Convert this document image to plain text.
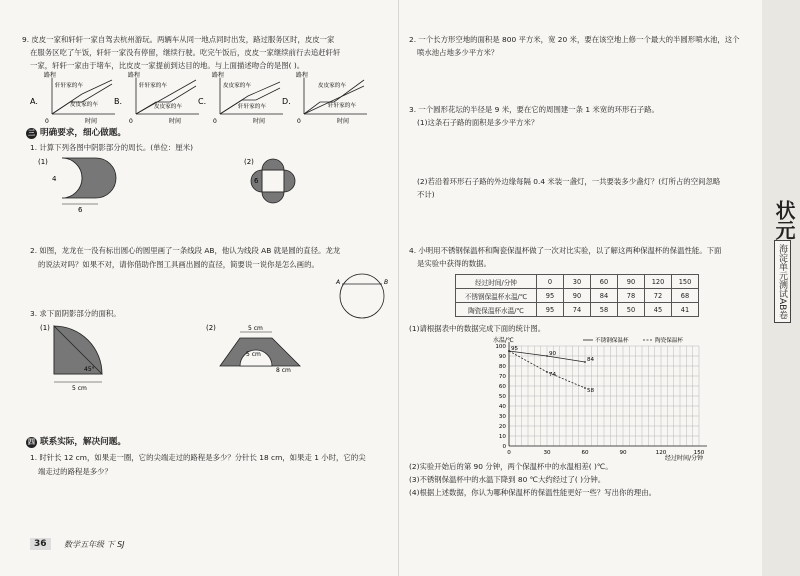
9. 皮皮一家和轩轩一家自驾去杭州游玩。两辆车从同一地点同时出发，路过服务区时，皮皮一家
在服务区吃了午饭，轩轩一家没有停留，继续行驶。吃完午饭后，皮皮一家继续前行去追赶轩轩
一家，轩轩一家由于堵车，比皮皮一家提前到达目的地。与上面描述吻合的是图( )。
A.
路程
轩轩家的车
皮皮家的车
0	时间
B.
路程
轩轩家的车
皮皮家的车
0	时间
C.
路程
皮皮家的车
轩轩家的车
0	时间
D.
路程
皮皮家的车
轩轩家的车
0	时间
三 明确要求，细心做题。
1. 计算下列各图中阴影部分的周长。(单位：厘米)
(1)
4
6
(2)
6
2. 如图，龙龙在一没有标出圆心的圆里画了一条线段 AB，他认为线段 AB 就是圆的直径。龙龙
的说法对吗？如果不对，请你借助作图工具画出圆的直径，简要说一说你是怎么画的。
A	B
3. 求下面阴影部分的面积。
(1)
45°
5 cm
(2)	5 cm
5 cm
8 cm
四 联系实际，解决问题。
1. 时针长 12 cm，如果走一圈，它的尖端走过的路程是多少？分针长 18 cm，如果走 1 小时，它的尖
端走过的路程是多少？
36	数学五年级 下 SJ
2. 一个长方形空地的面积是 800 平方米，宽 20 米，要在该空地上修一个最大的半圆形喷水池，这个
喷水池占地多少平方米？
3. 一个圆形花坛的半径是 9 米，要在它的周围建一条 1 米宽的环形石子路。
(1)这条石子路的面积是多少平方米？
(2)若沿着环形石子路的外边缘每隔 0.4 米装一盏灯，一共要装多少盏灯？(灯所占的空间忽略
不计)
4. 小明用不锈钢保温杯和陶瓷保温杯做了一次对比实验，以了解这两种保温杯的保温性能。下面
是实验中获得的数据。
经过时间/分钟	0	30	60	90	120	150
不锈钢保温杯水温/℃	95	90	84	78	72	68
陶瓷保温杯水温/℃	95	74	58	50	45	41
(1)请根据表中的数据完成下面的统计图。
0
10
20
30
40
50
60
70
80
90
100
0	30	60	90	120	150
95
90
84
74
58
水温/℃
经过时间/分钟
不锈钢保温杯	陶瓷保温杯
(2)实验开始后的第 90 分钟，两个保温杯中的水温相差( )℃。
(3)不锈钢保温杯中的水温下降到 80 ℃大约经过了( )分钟。
(4)根据上述数据，你认为哪种保温杯的保温性能更好一些？写出你的理由。
状元
海淀单元测试AB卷
